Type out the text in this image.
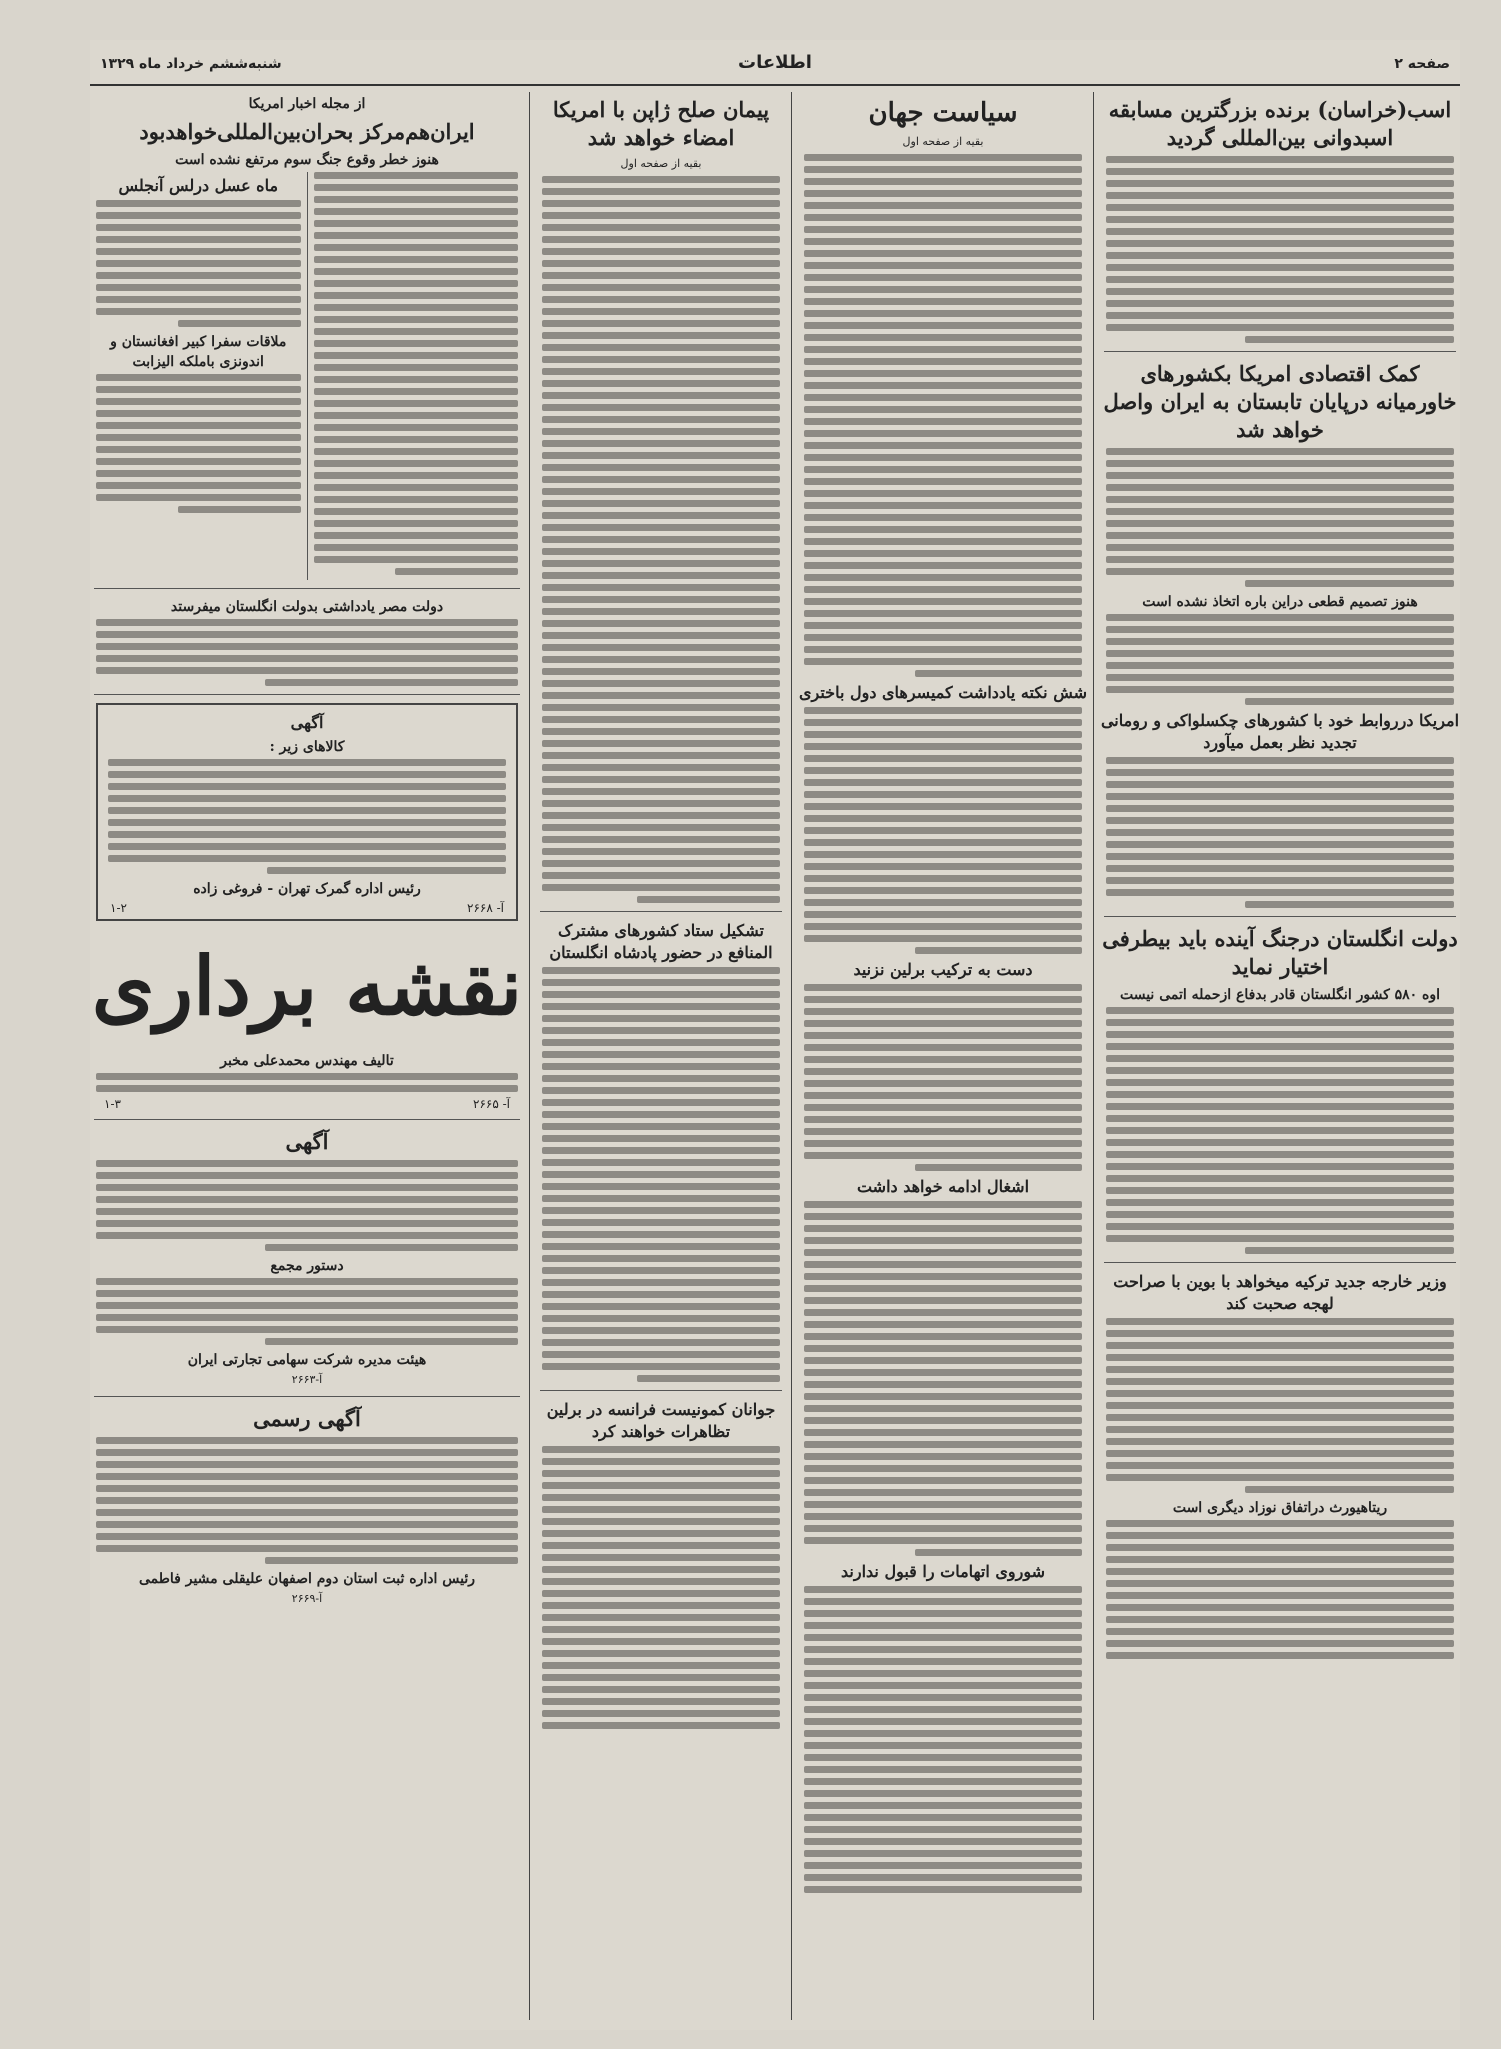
صفحه ۲
اطلاعات
شنبه‌ششم خرداد ماه ۱۳۲۹
اسب(خراسان) برنده بزرگترین مسابقه اسبدوانی بین‌المللی گردید
کمک اقتصادی امریکا بکشورهای خاورمیانه درپایان تابستان به ایران واصل خواهد شد
هنوز تصمیم قطعی دراین باره اتخاذ نشده است
امریکا درروابط خود با کشورهای چکسلواکی و رومانی تجدید نظر بعمل میآورد
دولت انگلستان درجنگ آینده باید بیطرفی اختیار نماید
اوه ۵۸۰ کشور انگلستان قادر بدفاع ازحمله اتمی نیست
وزیر خارجه جدید ترکیه میخواهد با بوین با صراحت لهجه صحبت کند
ریتاهیورث دراتفاق نوزاد دیگری است
سیاست جهان
بقیه از صفحه اول
شش نکته یادداشت کمیسرهای دول باختری
دست به ترکیب برلین نزنید
اشغال ادامه خواهد داشت
شوروی اتهامات را قبول ندارند
پیمان صلح ژاپن با امریکا امضاء خواهد شد
بقیه از صفحه اول
تشکیل ستاد کشورهای مشترک المنافع در حضور پادشاه انگلستان
جوانان کمونیست فرانسه در برلین تظاهرات خواهند کرد
از مجله اخبار امریکا
ایران‌هم‌مرکز بحران‌بین‌المللی‌خواهدبود
هنوز خطر وقوع جنگ سوم مرتفع نشده است
ماه عسل درلس آنجلس
ملاقات سفرا کبیر افغانستان و اندونزی باملکه الیزابت
دولت مصر یادداشتی بدولت انگلستان میفرستد
آگهی
کالاهای زیر :
رئیس اداره گمرک تهران - فروغی زاده
آ- ۲۶۶۸
۱-۲
نقشه برداری
تالیف مهندس محمدعلی مخبر
آ- ۲۶۶۵
۱-۳
آگهی
دستور مجمع
هیئت مدیره شرکت سهامی تجارتی ایران
آ-۲۶۶۳
آگهی رسمی
رئیس اداره ثبت استان دوم اصفهان علیقلی مشیر فاطمی
آ-۲۶۶۹
